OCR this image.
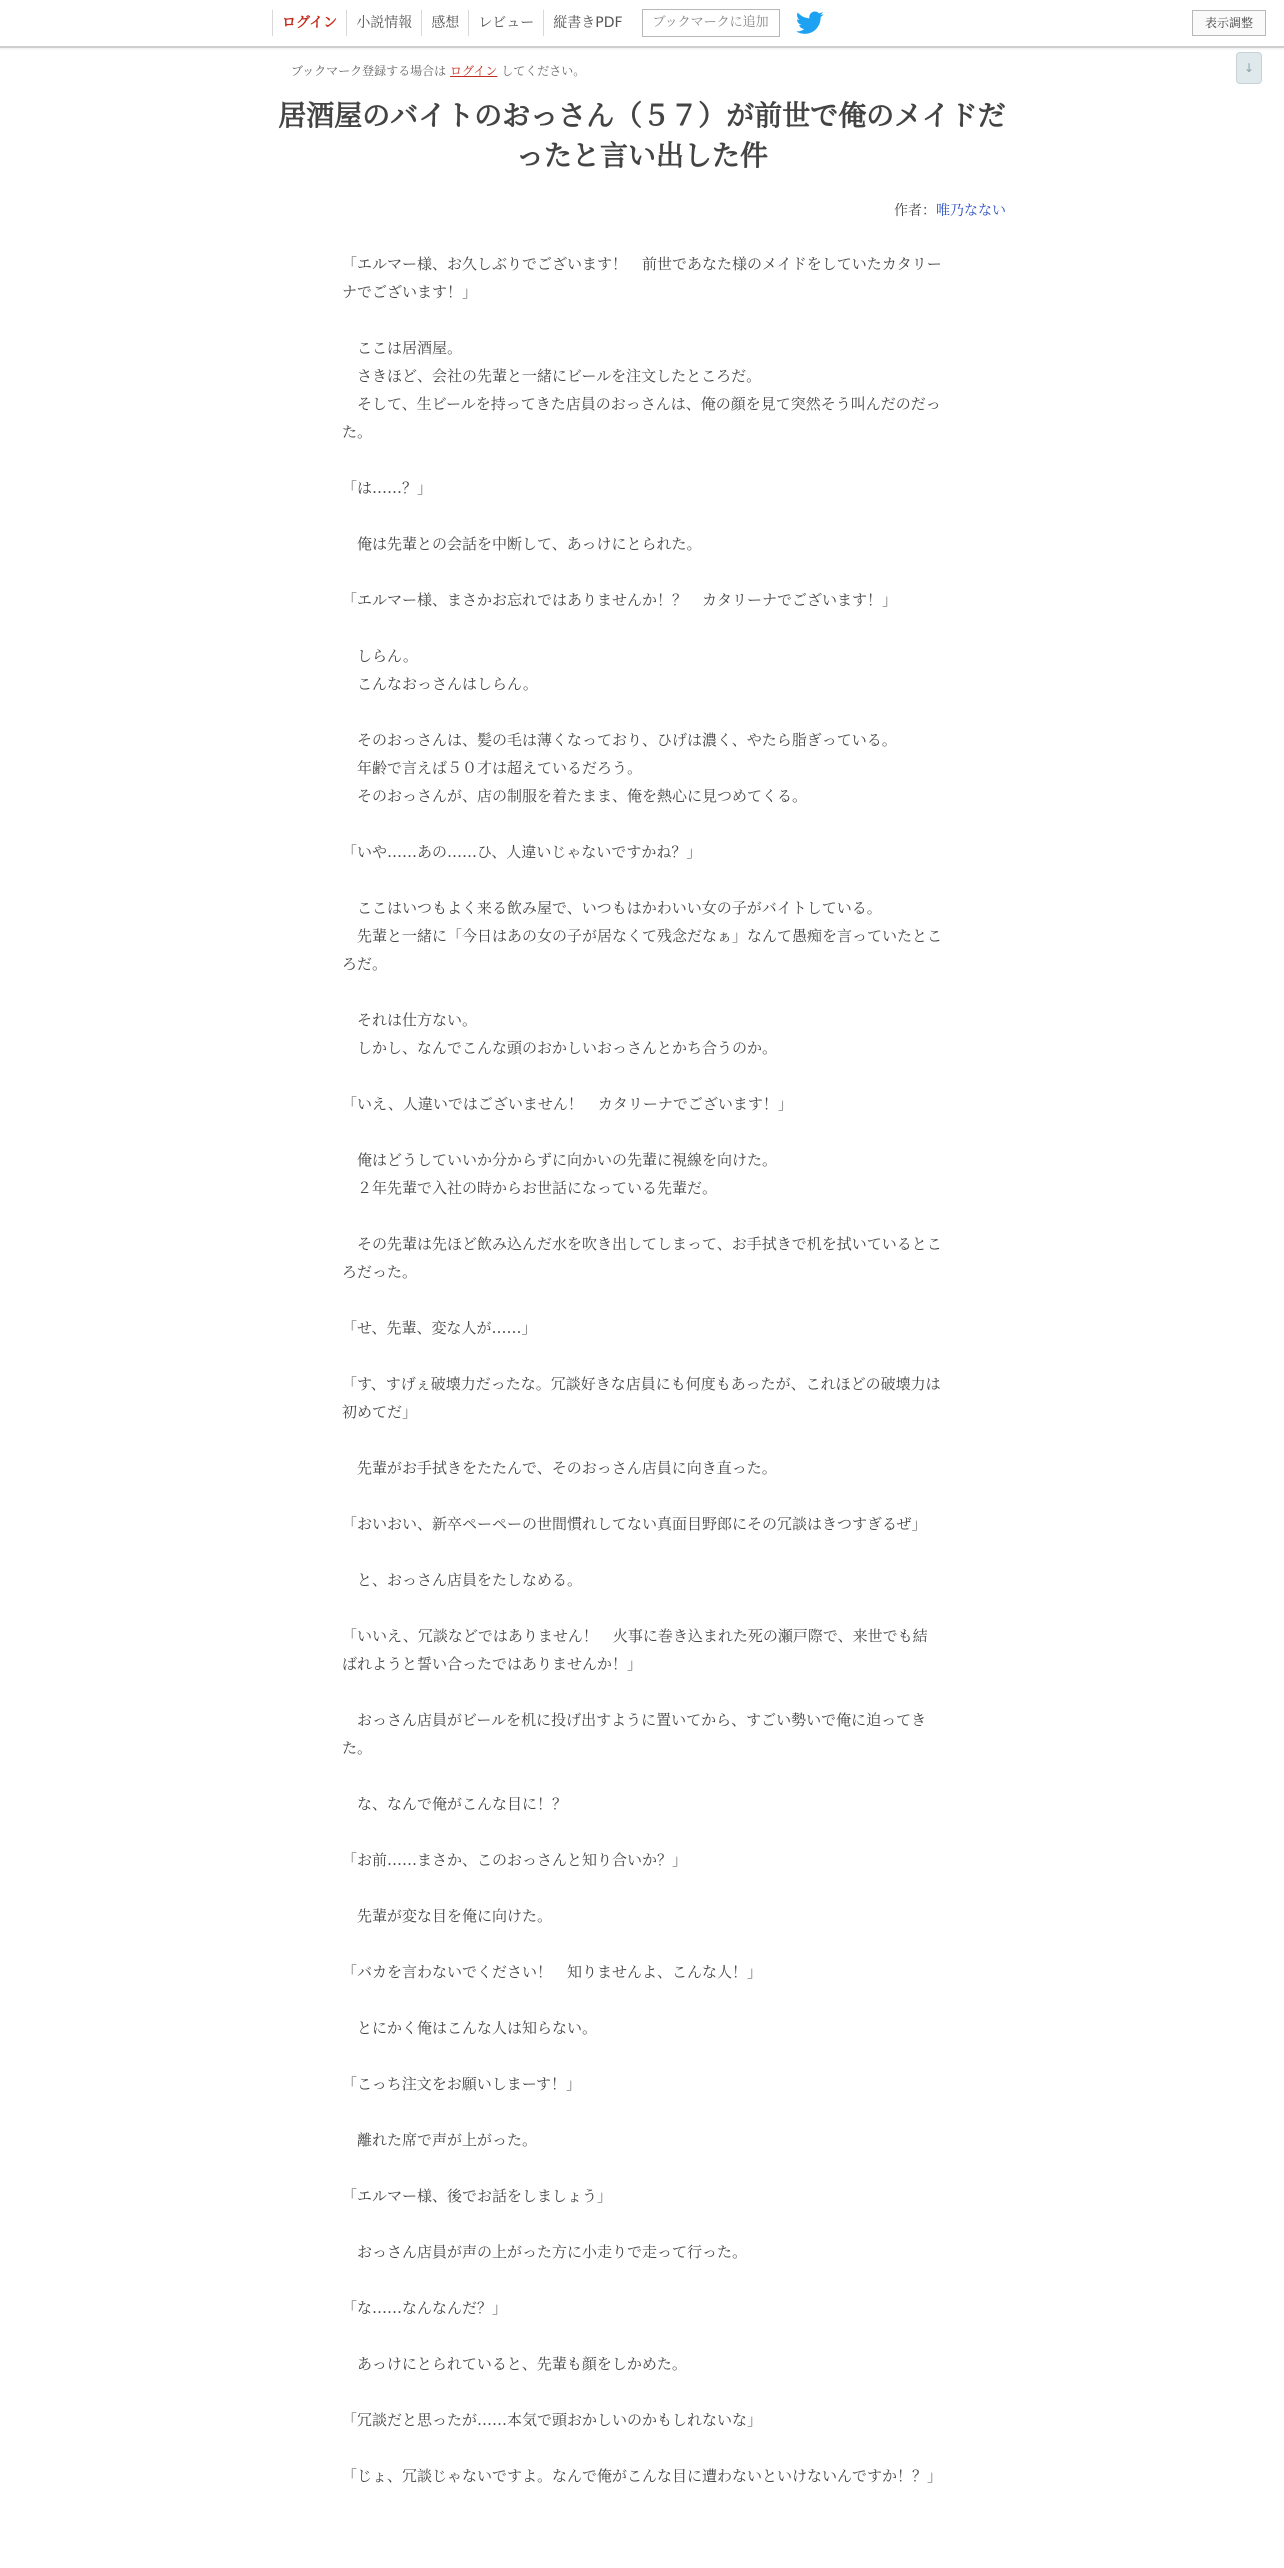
ログイン	小説情報	感想	レビュー	縦書きPDF	ブックマークに追加	表示調整
↓
ブックマーク登録する場合は ログイン してください。
居酒屋のバイトのおっさん（５７）が前世で俺のメイドだったと言い出した件
作者：唯乃なない

「エルマー様、お久しぶりでございます！　前世であなた様のメイドをしていたカタリーナでございます！」

　ここは居酒屋。

　さきほど、会社の先輩と一緒にビールを注文したところだ。

　そして、生ビールを持ってきた店員のおっさんは、俺の顔を見て突然そう叫んだのだった。

「は……？」

　俺は先輩との会話を中断して、あっけにとられた。

「エルマー様、まさかお忘れではありませんか！？　カタリーナでございます！」

　しらん。

　こんなおっさんはしらん。

　そのおっさんは、髪の毛は薄くなっており、ひげは濃く、やたら脂ぎっている。

　年齢で言えば５０才は超えているだろう。

　そのおっさんが、店の制服を着たまま、俺を熱心に見つめてくる。

「いや……あの……ひ、人違いじゃないですかね？」

　ここはいつもよく来る飲み屋で、いつもはかわいい女の子がバイトしている。

　先輩と一緒に「今日はあの女の子が居なくて残念だなぁ」なんて愚痴を言っていたところだ。

　それは仕方ない。

　しかし、なんでこんな頭のおかしいおっさんとかち合うのか。

「いえ、人違いではございません！　カタリーナでございます！」

　俺はどうしていいか分からずに向かいの先輩に視線を向けた。

　２年先輩で入社の時からお世話になっている先輩だ。

　その先輩は先ほど飲み込んだ水を吹き出してしまって、お手拭きで机を拭いているところだった。

「せ、先輩、変な人が……」

「す、すげぇ破壊力だったな。冗談好きな店員にも何度もあったが、これほどの破壊力は初めてだ」

　先輩がお手拭きをたたんで、そのおっさん店員に向き直った。

「おいおい、新卒ペーペーの世間慣れしてない真面目野郎にその冗談はきつすぎるぜ」

　と、おっさん店員をたしなめる。

「いいえ、冗談などではありません！　火事に巻き込まれた死の瀬戸際で、来世でも結ばれようと誓い合ったではありませんか！」

　おっさん店員がビールを机に投げ出すように置いてから、すごい勢いで俺に迫ってきた。

　な、なんで俺がこんな目に！？

「お前……まさか、このおっさんと知り合いか？」

　先輩が変な目を俺に向けた。

「バカを言わないでください！　知りませんよ、こんな人！」

　とにかく俺はこんな人は知らない。

「こっち注文をお願いしまーす！」

　離れた席で声が上がった。

「エルマー様、後でお話をしましょう」

　おっさん店員が声の上がった方に小走りで走って行った。

「な……なんなんだ？」

　あっけにとられていると、先輩も顔をしかめた。

「冗談だと思ったが……本気で頭おかしいのかもしれないな」

「じょ、冗談じゃないですよ。なんで俺がこんな目に遭わないといけないんですか！？」
